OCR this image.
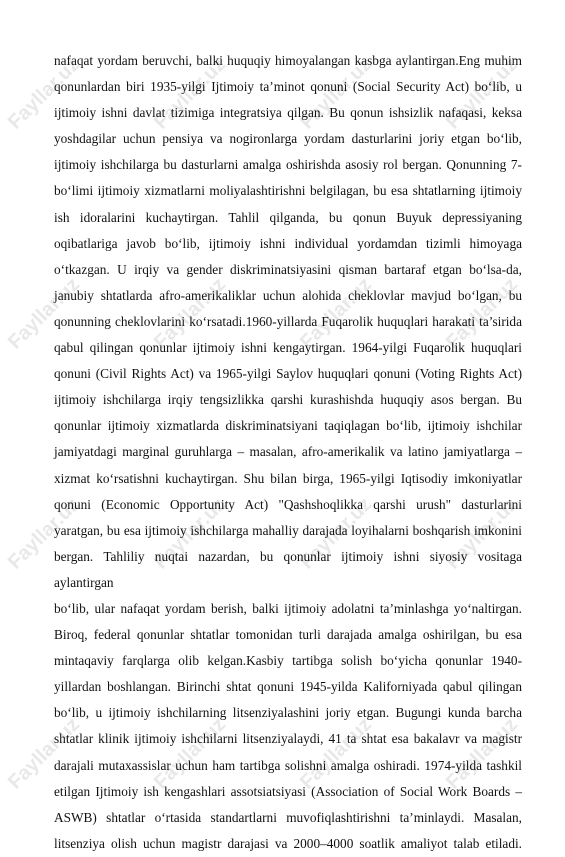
Fayllar.uz	Fayllar.uz	Fayllar.uz	Fayllar.uz
Fayllar.uz	Fayllar.uz	Fayllar.uz	Fayllar.uz
Fayllar.uz	Fayllar.uz	Fayllar.uz	Fayllar.uz
Fayllar.uz	Fayllar.uz	Fayllar.uz	Fayllar.uz

nafaqat yordam beruvchi, balki huquqiy himoyalangan kasbga aylantirgan.Eng muhim
qonunlardan biri 1935-yilgi Ijtimoiy ta’minot qonuni (Social Security Act) bo‘lib, u
ijtimoiy ishni davlat tizimiga integratsiya qilgan. Bu qonun ishsizlik nafaqasi, keksa
yoshdagilar uchun pensiya va nogironlarga yordam dasturlarini joriy etgan bo‘lib,
ijtimoiy ishchilarga bu dasturlarni amalga oshirishda asosiy rol bergan. Qonunning 7-
bo‘limi ijtimoiy xizmatlarni moliyalashtirishni belgilagan, bu esa shtatlarning ijtimoiy
ish idoralarini kuchaytirgan. Tahlil qilganda, bu qonun Buyuk depressiyaning
oqibatlariga javob bo‘lib, ijtimoiy ishni individual yordamdan tizimli himoyaga
o‘tkazgan. U irqiy va gender diskriminatsiyasini qisman bartaraf etgan bo‘lsa-da,
janubiy shtatlarda afro-amerikaliklar uchun alohida cheklovlar mavjud bo‘lgan, bu
qonunning cheklovlarini ko‘rsatadi.1960-yillarda Fuqarolik huquqlari harakati ta’sirida
qabul qilingan qonunlar ijtimoiy ishni kengaytirgan. 1964-yilgi Fuqarolik huquqlari
qonuni (Civil Rights Act) va 1965-yilgi Saylov huquqlari qonuni (Voting Rights Act)
ijtimoiy ishchilarga irqiy tengsizlikka qarshi kurashishda huquqiy asos bergan. Bu
qonunlar ijtimoiy xizmatlarda diskriminatsiyani taqiqlagan bo‘lib, ijtimoiy ishchilar
jamiyatdagi marginal guruhlarga – masalan, afro-amerikalik va latino jamiyatlarga –
xizmat ko‘rsatishni kuchaytirgan. Shu bilan birga, 1965-yilgi Iqtisodiy imkoniyatlar
qonuni (Economic Opportunity Act) "Qashshoqlikka qarshi urush" dasturlarini
yaratgan, bu esa ijtimoiy ishchilarga mahalliy darajada loyihalarni boshqarish imkonini
bergan. Tahliliy nuqtai nazardan, bu qonunlar ijtimoiy ishni siyosiy vositaga aylantirgan
bo‘lib, ular nafaqat yordam berish, balki ijtimoiy adolatni ta’minlashga yo‘naltirgan.
Biroq, federal qonunlar shtatlar tomonidan turli darajada amalga oshirilgan, bu esa
mintaqaviy farqlarga olib kelgan.Kasbiy tartibga solish bo‘yicha qonunlar 1940-
yillardan boshlangan. Birinchi shtat qonuni 1945-yilda Kaliforniyada qabul qilingan
bo‘lib, u ijtimoiy ishchilarning litsenziyalashini joriy etgan. Bugungi kunda barcha
shtatlar klinik ijtimoiy ishchilarni litsenziyalaydi, 41 ta shtat esa bakalavr va magistr
darajali mutaxassislar uchun ham tartibga solishni amalga oshiradi. 1974-yilda tashkil
etilgan Ijtimoiy ish kengashlari assotsiatsiyasi (Association of Social Work Boards –
ASWB) shtatlar o‘rtasida standartlarni muvofiqlashtirishni ta’minlaydi. Masalan,
litsenziya olish uchun magistr darajasi va 2000–4000 soatlik amaliyot talab etiladi.
